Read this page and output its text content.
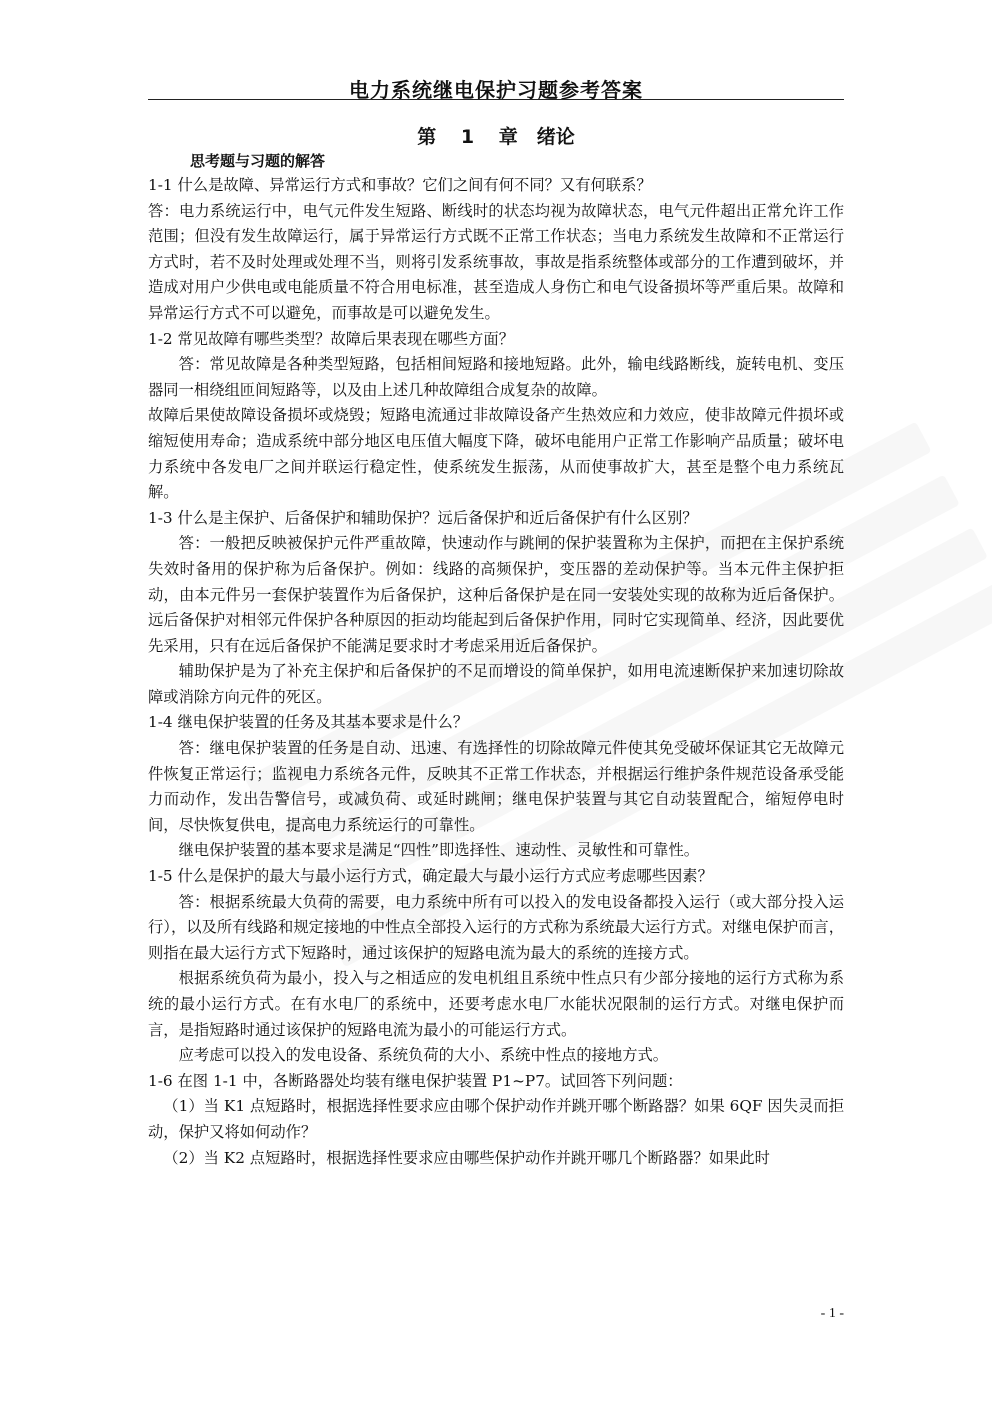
电力系统继电保护习题参考答案
第 1 章　绪论
思考题与习题的解答

1-1 什么是故障、异常运行方式和事故？它们之间有何不同？又有何联系？

答：电力系统运行中，电气元件发生短路、断线时的状态均视为故障状态，电气元件超出正常允许工作范围；但没有发生故障运行，属于异常运行方式既不正常工作状态；当电力系统发生故障和不正常运行方式时，若不及时处理或处理不当，则将引发系统事故，事故是指系统整体或部分的工作遭到破坏，并造成对用户少供电或电能质量不符合用电标准，甚至造成人身伤亡和电气设备损坏等严重后果。故障和异常运行方式不可以避免，而事故是可以避免发生。

1-2 常见故障有哪些类型？故障后果表现在哪些方面？

答：常见故障是各种类型短路，包括相间短路和接地短路。此外，输电线路断线，旋转电机、变压器同一相绕组匝间短路等，以及由上述几种故障组合成复杂的故障。

故障后果使故障设备损坏或烧毁；短路电流通过非故障设备产生热效应和力效应，使非故障元件损坏或缩短使用寿命；造成系统中部分地区电压值大幅度下降，破坏电能用户正常工作影响产品质量；破坏电力系统中各发电厂之间并联运行稳定性，使系统发生振荡，从而使事故扩大，甚至是整个电力系统瓦解。

1-3 什么是主保护、后备保护和辅助保护？远后备保护和近后备保护有什么区别？

答：一般把反映被保护元件严重故障，快速动作与跳闸的保护装置称为主保护，而把在主保护系统失效时备用的保护称为后备保护。例如：线路的高频保护，变压器的差动保护等。当本元件主保护拒动，由本元件另一套保护装置作为后备保护，这种后备保护是在同一安装处实现的故称为近后备保护。远后备保护对相邻元件保护各种原因的拒动均能起到后备保护作用，同时它实现简单、经济，因此要优先采用，只有在远后备保护不能满足要求时才考虑采用近后备保护。

辅助保护是为了补充主保护和后备保护的不足而增设的简单保护，如用电流速断保护来加速切除故障或消除方向元件的死区。

1-4 继电保护装置的任务及其基本要求是什么？

答：继电保护装置的任务是自动、迅速、有选择性的切除故障元件使其免受破坏保证其它无故障元件恢复正常运行；监视电力系统各元件，反映其不正常工作状态，并根据运行维护条件规范设备承受能力而动作，发出告警信号，或减负荷、或延时跳闸；继电保护装置与其它自动装置配合，缩短停电时间，尽快恢复供电，提高电力系统运行的可靠性。

继电保护装置的基本要求是满足“四性”即选择性、速动性、灵敏性和可靠性。

1-5 什么是保护的最大与最小运行方式，确定最大与最小运行方式应考虑哪些因素？

答：根据系统最大负荷的需要，电力系统中所有可以投入的发电设备都投入运行（或大部分投入运行），以及所有线路和规定接地的中性点全部投入运行的方式称为系统最大运行方式。对继电保护而言，则指在最大运行方式下短路时，通过该保护的短路电流为最大的系统的连接方式。

根据系统负荷为最小，投入与之相适应的发电机组且系统中性点只有少部分接地的运行方式称为系统的最小运行方式。在有水电厂的系统中，还要考虑水电厂水能状况限制的运行方式。对继电保护而言，是指短路时通过该保护的短路电流为最小的可能运行方式。

应考虑可以投入的发电设备、系统负荷的大小、系统中性点的接地方式。

1-6 在图 1-1 中，各断路器处均装有继电保护装置 P1~P7。试回答下列问题：

（1）当 K1 点短路时，根据选择性要求应由哪个保护动作并跳开哪个断路器？如果 6QF 因失灵而拒动，保护又将如何动作？

（2）当 K2 点短路时，根据选择性要求应由哪些保护动作并跳开哪几个断路器？如果此时

- 1 -
